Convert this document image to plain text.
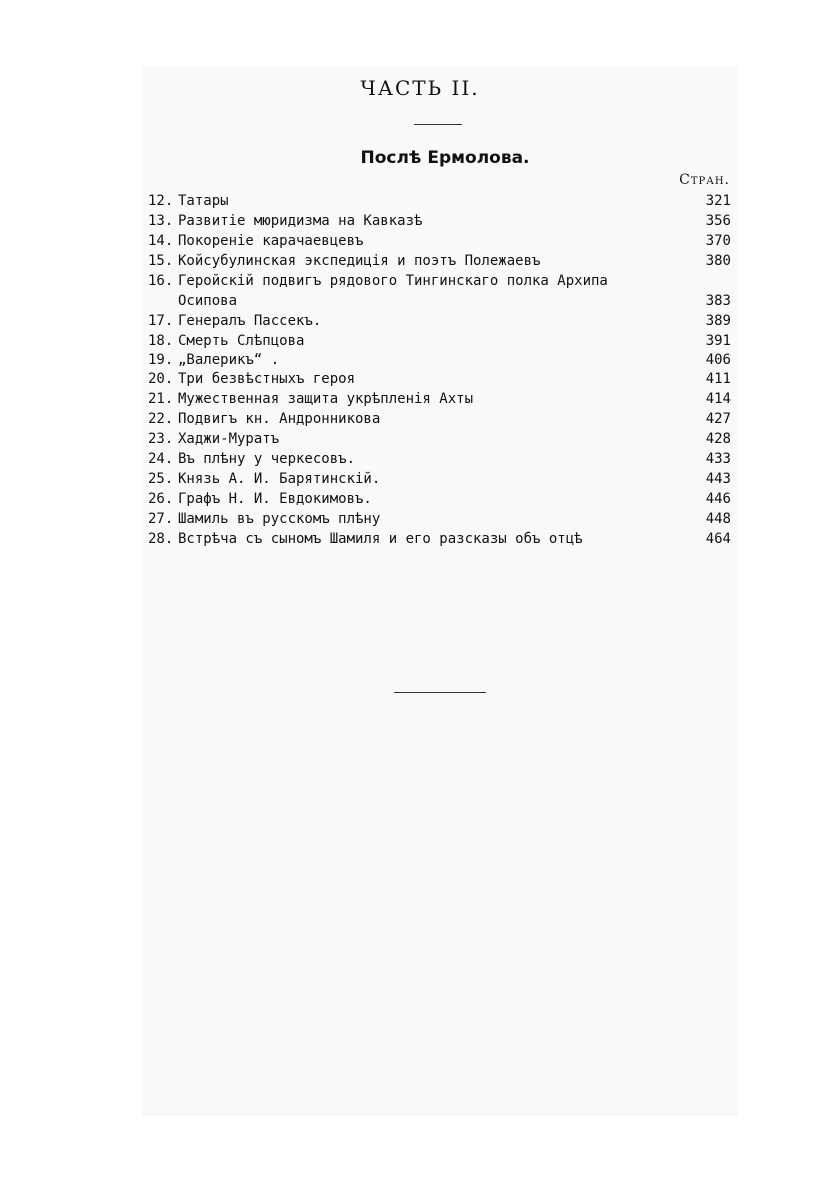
ЧАСТЬ II.
Послѣ Ермолова.
Стран.
12. Татары	321
13. Развитіе мюридизма на Кавказѣ	356
14. Покореніе карачаевцевъ	370
15. Койсубулинская экспедиція и поэтъ Полежаевъ	380
16. Геройскій подвигъ рядового Тингинскаго полка Архипа
Осипова	383
17. Генералъ Пассекъ.	389
18. Смерть Слѣпцова	391
19. „Валерикъ“ .	406
20. Три безвѣстныхъ героя	411
21. Мужественная защита укрѣпленія Ахты	414
22. Подвигъ кн. Андронникова	427
23. Хаджи-Муратъ	428
24. Въ плѣну у черкесовъ.	433
25. Князь А. И. Барятинскій.	443
26. Графъ Н. И. Евдокимовъ.	446
27. Шамиль въ русскомъ плѣну	448
28. Встрѣча съ сыномъ Шамиля и его разсказы объ отцѣ	464
